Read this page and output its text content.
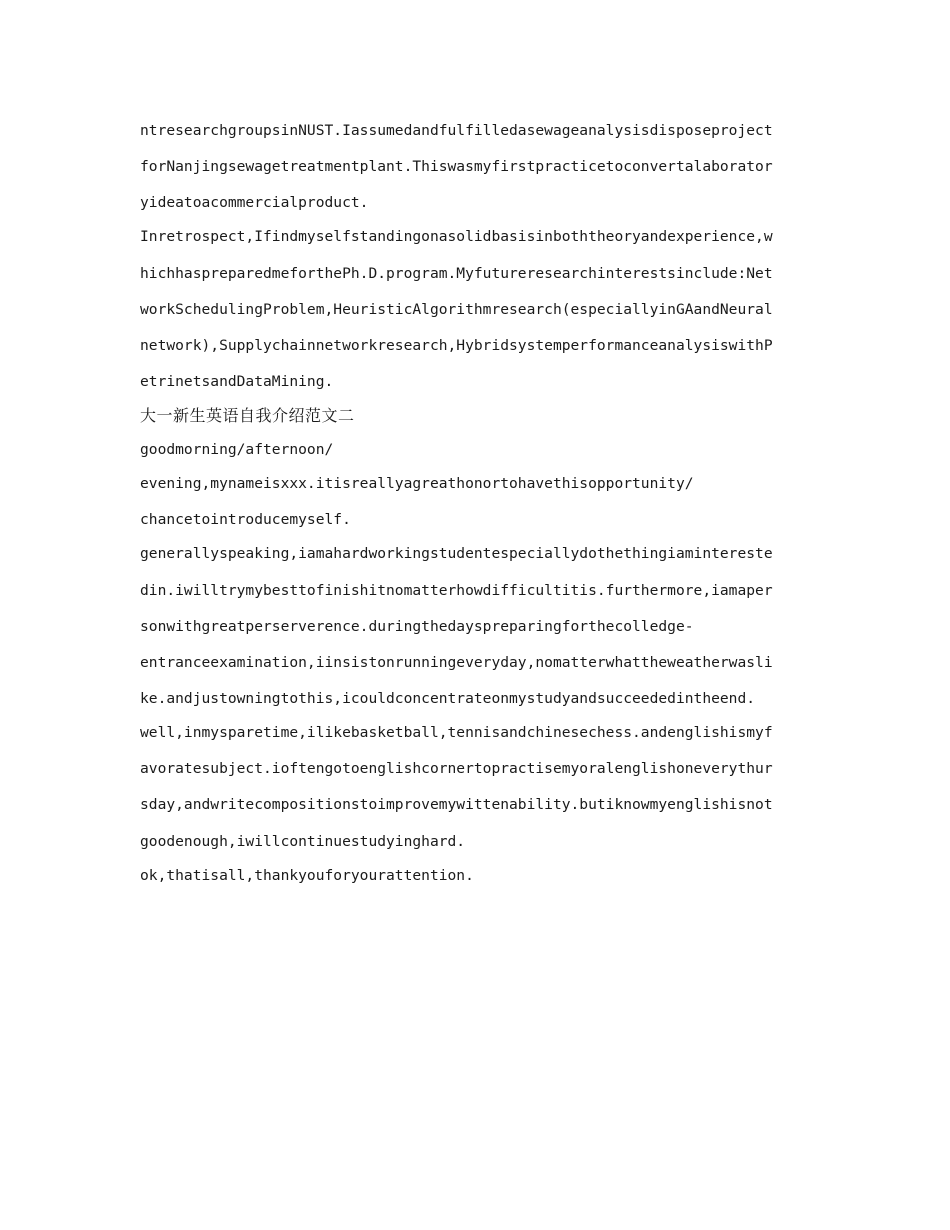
ntresearchgroupsinNUST.Iassumedandfulfilledasewageanalysisdisposeproject
forNanjingsewagetreatmentplant.Thiswasmyfirstpracticetoconvertalaborator
yideatoacommercialproduct.
Inretrospect,Ifindmyselfstandingonasolidbasisinboththeoryandexperience,w
hichhaspreparedmeforthePh.D.program.Myfutureresearchinterestsinclude:Net
workSchedulingProblem,HeuristicAlgorithmresearch(especiallyinGAandNeural
network),Supplychainnetworkresearch,HybridsystemperformanceanalysiswithP
etrinetsandDataMining.
大一新生英语自我介绍范文二
goodmorning/afternoon/
evening,mynameisxxx.itisreallyagreathonortohavethisopportunity/
chancetointroducemyself.
generallyspeaking,iamahardworkingstudentespeciallydothethingiamintereste
din.iwilltrymybesttofinishitnomatterhowdifficultitis.furthermore,iamaper
sonwithgreatperserverence.duringthedayspreparingforthecolledge-
entranceexamination,iinsistonrunningeveryday,nomatterwhattheweatherwasli
ke.andjustowningtothis,icouldconcentrateonmystudyandsucceededintheend.
well,inmysparetime,ilikebasketball,tennisandchinesechess.andenglishismyf
avoratesubject.ioftengotoenglishcornertopractisemyoralenglishoneverythur
sday,andwritecompositionstoimprovemywittenability.butiknowmyenglishisnot
goodenough,iwillcontinuestudyinghard.
ok,thatisall,thankyouforyourattention.
